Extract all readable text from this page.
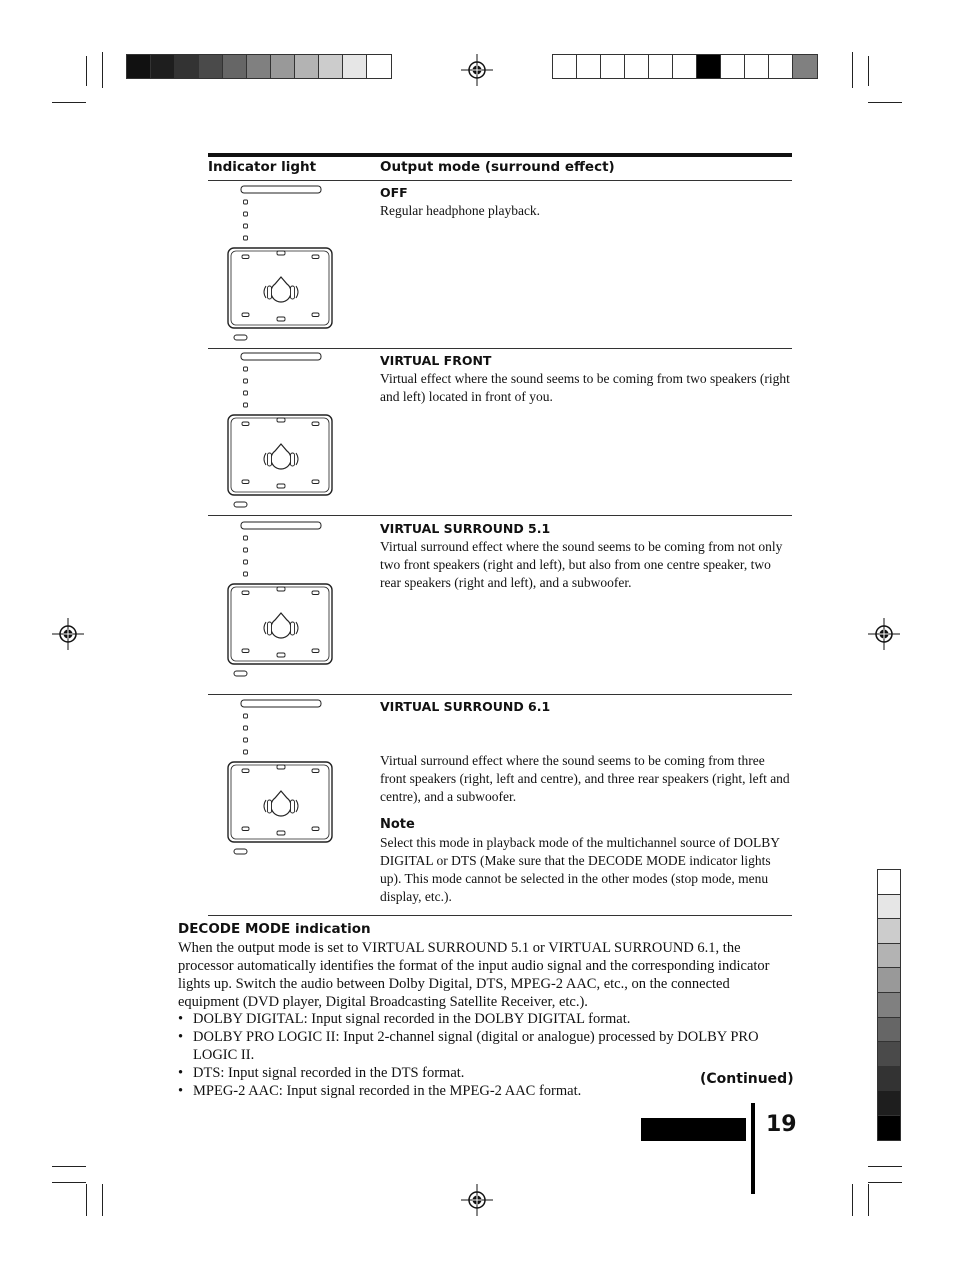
Indicator light	Output mode (surround effect)
OFF
Regular headphone playback.
VIRTUAL FRONT
Virtual effect where the sound seems to be coming from two speakers (right and left) located in front of you.
VIRTUAL SURROUND 5.1
Virtual surround effect where the sound seems to be coming from not only two front speakers (right and left), but also from one centre speaker, two rear speakers (right and left), and a subwoofer.
VIRTUAL SURROUND 6.1
Virtual surround effect where the sound seems to be coming from three front speakers (right, left and centre), and three rear speakers (right, left and centre), and a subwoofer.
Note
Select this mode in playback mode of the multichannel source of DOLBY DIGITAL or DTS (Make sure that the DECODE MODE indicator lights up). This mode cannot be selected in the other modes (stop mode, menu display, etc.).
DECODE MODE indication
When the output mode is set to VIRTUAL SURROUND 5.1 or VIRTUAL SURROUND 6.1, the processor automatically identifies the format of the input audio signal and the corresponding indicator lights up. Switch the audio between Dolby Digital, DTS, MPEG-2 AAC, etc., on the connected equipment (DVD player, Digital Broadcasting Satellite Receiver, etc.).
• DOLBY DIGITAL: Input signal recorded in the DOLBY DIGITAL format.
• DOLBY PRO LOGIC II: Input 2-channel signal (digital or analogue) processed by DOLBY PRO LOGIC II.
• DTS: Input signal recorded in the DTS format.
• MPEG-2 AAC: Input signal recorded in the MPEG-2 AAC format.
(Continued)
19
